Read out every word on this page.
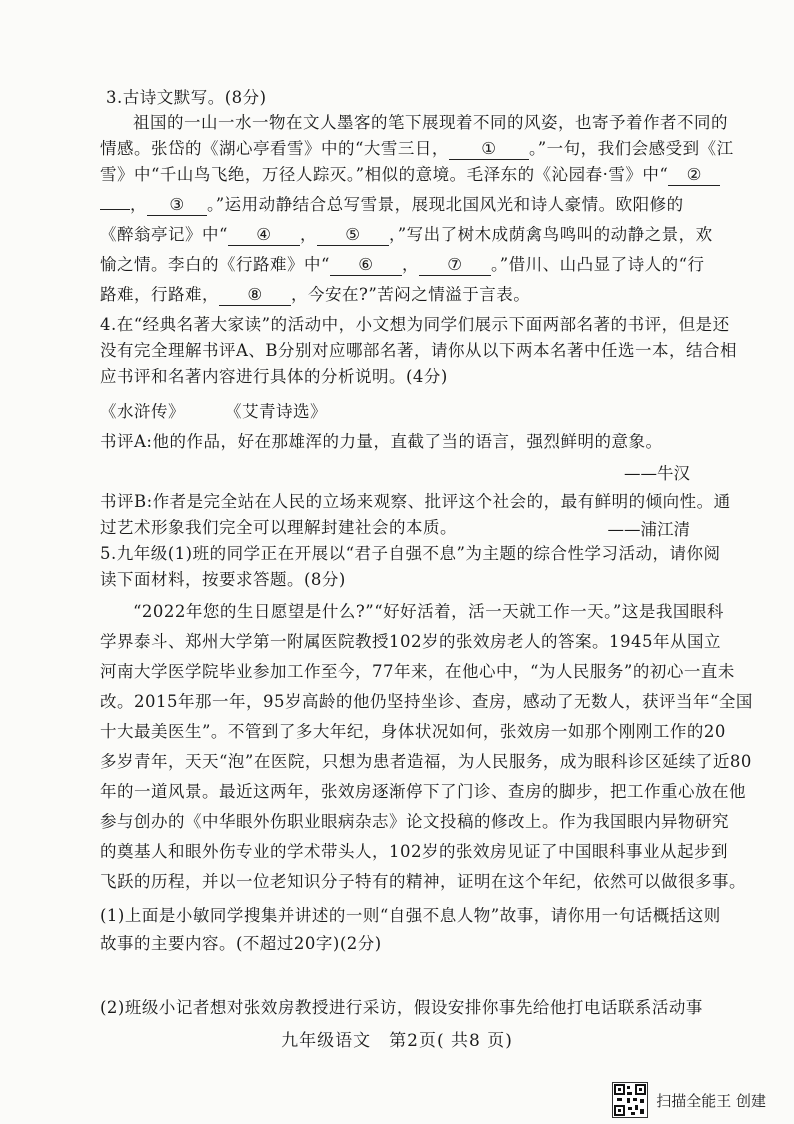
3.古诗文默写。(8分)
祖国的一山一水一物在文人墨客的笔下展现着不同的风姿，也寄予着作者不同的
情感。张岱的《湖心亭看雪》中的“大雪三日， ① 。”一句，我们会感受到《江
雪》中“千山鸟飞绝，万径人踪灭。”相似的意境。毛泽东的《沁园春·雪》中“ ②
， ③ 。”运用动静结合总写雪景，展现北国风光和诗人豪情。欧阳修的
《醉翁亭记》中“ ④ ， ⑤ ，”写出了树木成荫禽鸟鸣叫的动静之景，欢
愉之情。李白的《行路难》中“ ⑥ ， ⑦ 。”借川、山凸显了诗人的“行
路难，行路难， ⑧ ，今安在?”苦闷之情溢于言表。
4.在“经典名著大家读”的活动中，小文想为同学们展示下面两部名著的书评，但是还
没有完全理解书评A、B分别对应哪部名著，请你从以下两本名著中任选一本，结合相
应书评和名著内容进行具体的分析说明。(4分)
《水浒传》 《艾青诗选》
书评A:他的作品，好在那雄浑的力量，直截了当的语言，强烈鲜明的意象。
——牛汉
书评B:作者是完全站在人民的立场来观察、批评这个社会的，最有鲜明的倾向性。通
过艺术形象我们完全可以理解封建社会的本质。	——浦江清
5.九年级(1)班的同学正在开展以“君子自强不息”为主题的综合性学习活动，请你阅
读下面材料，按要求答题。(8分)
“2022年您的生日愿望是什么?”“好好活着，活一天就工作一天。”这是我国眼科
学界泰斗、郑州大学第一附属医院教授102岁的张效房老人的答案。1945年从国立
河南大学医学院毕业参加工作至今，77年来，在他心中，“为人民服务”的初心一直未
改。2015年那一年，95岁高龄的他仍坚持坐诊、查房，感动了无数人，获评当年“全国
十大最美医生”。不管到了多大年纪，身体状况如何，张效房一如那个刚刚工作的20
多岁青年，天天“泡”在医院，只想为患者造福，为人民服务，成为眼科诊区延续了近80
年的一道风景。最近这两年，张效房逐渐停下了门诊、查房的脚步，把工作重心放在他
参与创办的《中华眼外伤职业眼病杂志》论文投稿的修改上。作为我国眼内异物研究
的奠基人和眼外伤专业的学术带头人，102岁的张效房见证了中国眼科事业从起步到
飞跃的历程，并以一位老知识分子特有的精神，证明在这个年纪，依然可以做很多事。
(1)上面是小敏同学搜集并讲述的一则“自强不息人物”故事，请你用一句话概括这则
故事的主要内容。(不超过20字)(2分)
(2)班级小记者想对张效房教授进行采访，假设安排你事先给他打电话联系活动事
九年级语文　第2页( 共8 页)
扫描全能王 创建
